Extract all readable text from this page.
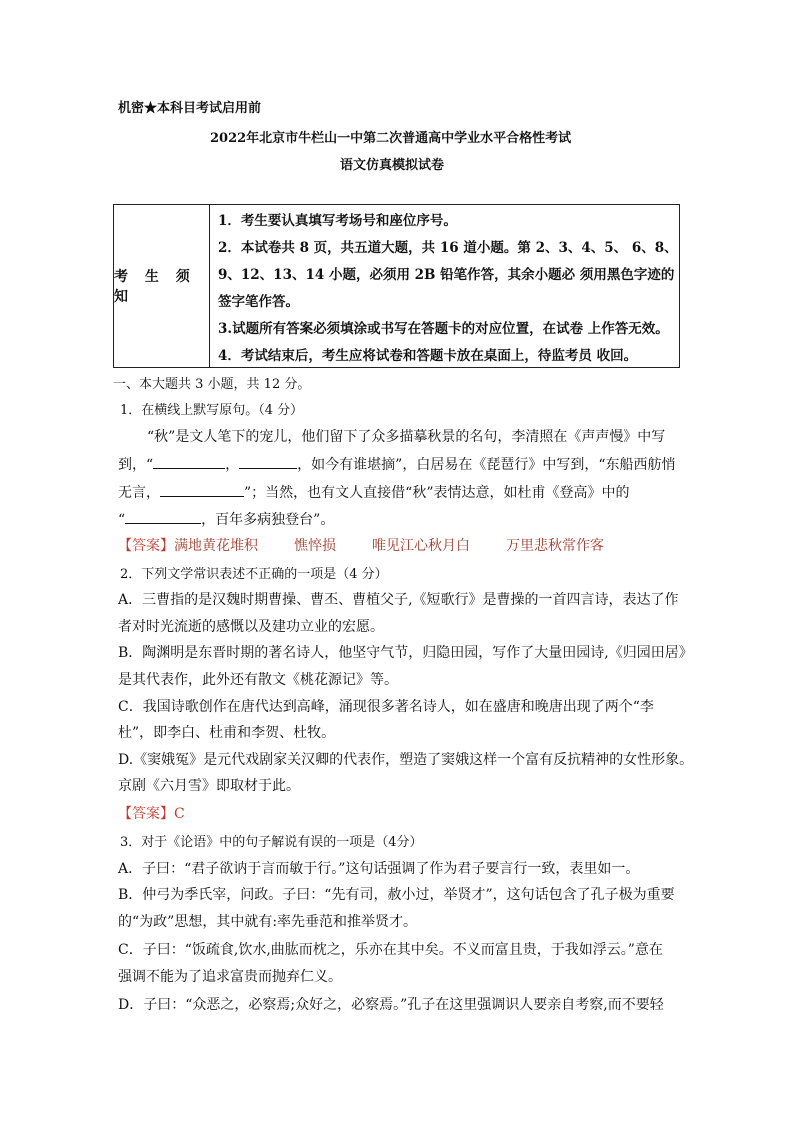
机密★本科目考试启用前
2022年北京市牛栏山一中第二次普通高中学业水平合格性考试
语文仿真模拟试卷
考 生 须 知
1．考生要认真填写考场号和座位序号。
2．本试卷共 8 页，共五道大题，共 16 道小题。第 2、3、4、5、 6、8、
9、12、13、14 小题，必须用 2B 铅笔作答，其余小题必 须用黑色字迹的
签字笔作答。
3.试题所有答案必须填涂或书写在答题卡的对应位置，在试卷 上作答无效。
4．考试结束后，考生应将试卷和答题卡放在桌面上，待监考员 收回。
一、本大题共 3 小题，共 12 分。
1．在横线上默写原句。（4 分）
“秋”是文人笔下的宠儿，他们留下了众多描摹秋景的名句，李清照在《声声慢》中写
到，“	，	，如今有谁堪摘”，白居易在《琵琶行》中写到，“东船西舫悄
无言，	”；当然，也有文人直接借“秋”表情达意，如杜甫《登高》中的
“	，百年多病独登台”。
【答案】满地黄花堆积	憔悴损	唯见江心秋月白	万里悲秋常作客
2．下列文学常识表述不正确的一项是（4 分）
A．三曹指的是汉魏时期曹操、曹丕、曹植父子,《短歌行》是曹操的一首四言诗，表达了作
者对时光流逝的感慨以及建功立业的宏愿。
B．陶渊明是东晋时期的著名诗人，他坚守气节，归隐田园，写作了大量田园诗,《归园田居》
是其代表作，此外还有散文《桃花源记》等。
C．我国诗歌创作在唐代达到高峰，涌现很多著名诗人，如在盛唐和晚唐出现了两个“李
杜”，即李白、杜甫和李贺、杜牧。
D.《窦娥冤》是元代戏剧家关汉卿的代表作，塑造了窦娥这样一个富有反抗精神的女性形象。
京剧《六月雪》即取材于此。
【答案】C
3．对于《论语》中的句子解说有误的一项是（4分）
A．子曰：“君子欲讷于言而敏于行。”这句话强调了作为君子要言行一致，表里如一。
B．仲弓为季氏宰，问政。子曰：“先有司，赦小过，举贤才”，这句话包含了孔子极为重要
的“为政”思想，其中就有:率先垂范和推举贤才。
C．子曰：“饭疏食,饮水,曲肱而枕之，乐亦在其中矣。不义而富且贵，于我如浮云。”意在
强调不能为了追求富贵而抛弃仁义。
D．子曰：“众恶之，必察焉;众好之，必察焉。”孔子在这里强调识人要亲自考察,而不要轻
